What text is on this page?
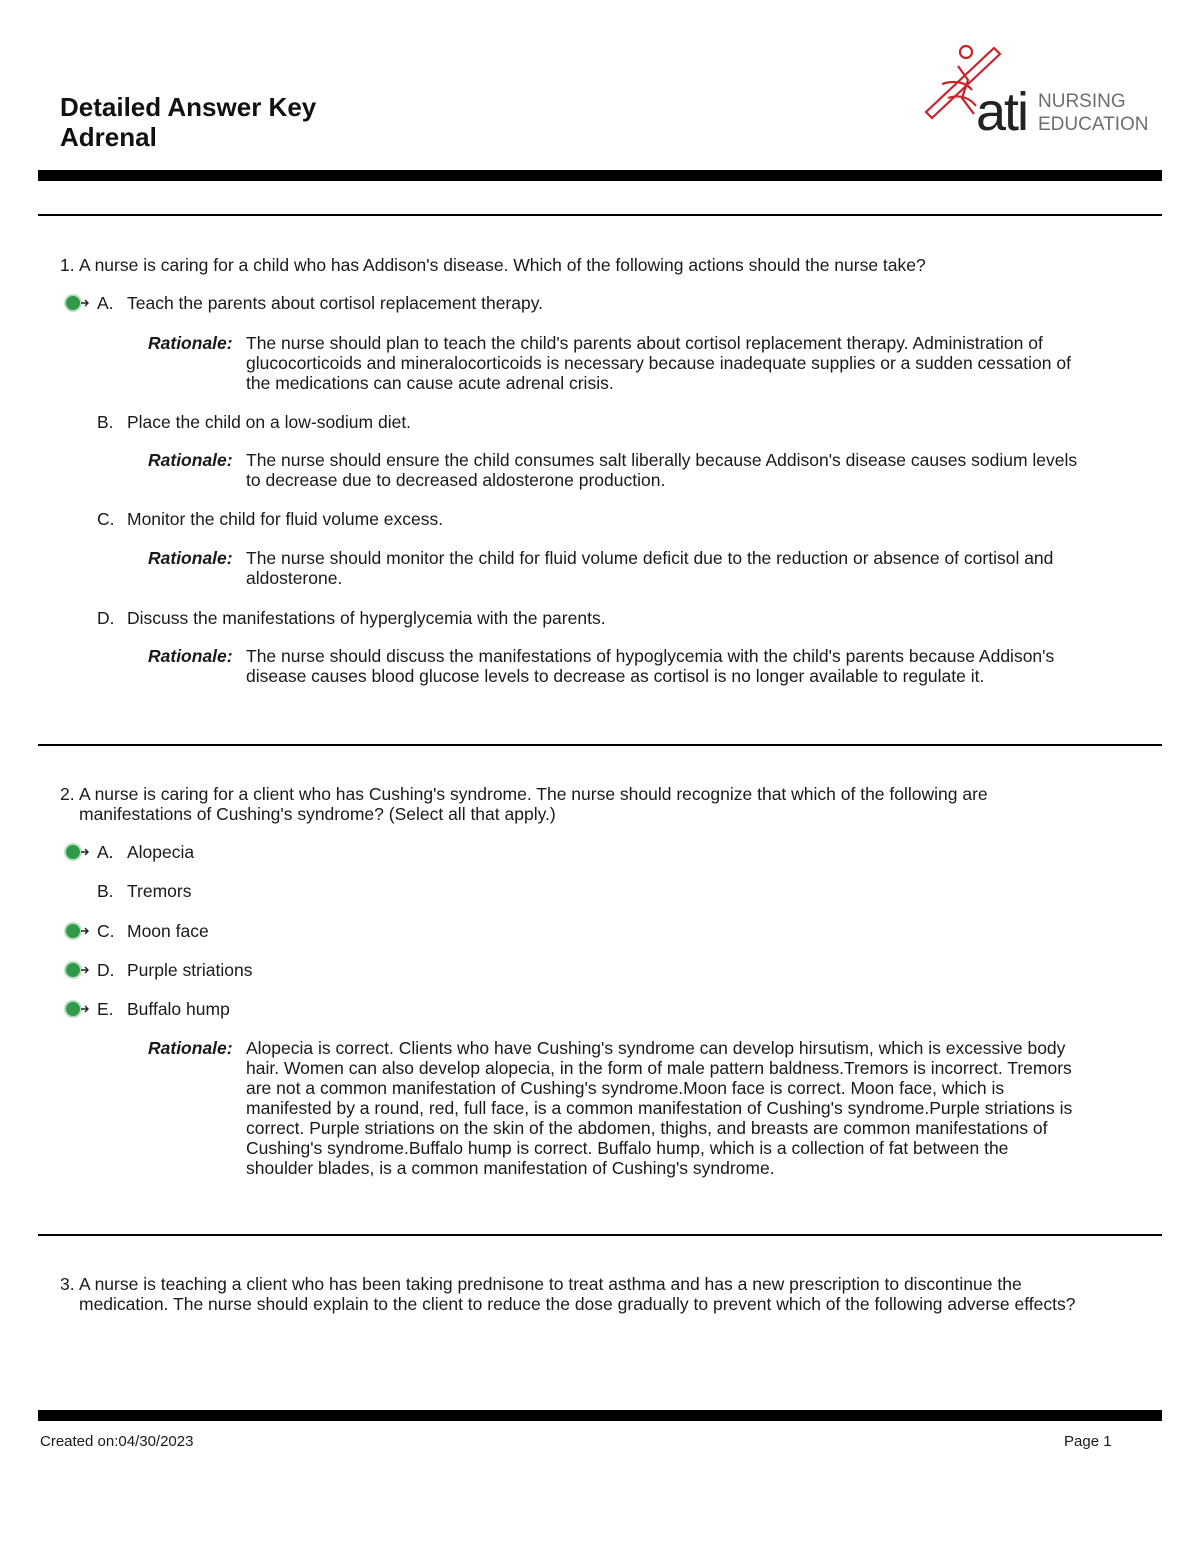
Detailed Answer Key
Adrenal	ati NURSING
EDUCATION
1. A nurse is caring for a child who has Addison's disease. Which of the following actions should the nurse take?
A. Teach the parents about cortisol replacement therapy.
Rationale: The nurse should plan to teach the child's parents about cortisol replacement therapy. Administration of glucocorticoids and mineralocorticoids is necessary because inadequate supplies or a sudden cessation of the medications can cause acute adrenal crisis.
B. Place the child on a low-sodium diet.
Rationale: The nurse should ensure the child consumes salt liberally because Addison's disease causes sodium levels to decrease due to decreased aldosterone production.
C. Monitor the child for fluid volume excess.
Rationale: The nurse should monitor the child for fluid volume deficit due to the reduction or absence of cortisol and aldosterone.
D. Discuss the manifestations of hyperglycemia with the parents.
Rationale: The nurse should discuss the manifestations of hypoglycemia with the child's parents because Addison's disease causes blood glucose levels to decrease as cortisol is no longer available to regulate it.
2. A nurse is caring for a client who has Cushing's syndrome. The nurse should recognize that which of the following are manifestations of Cushing's syndrome? (Select all that apply.)
A. Alopecia
B. Tremors
C. Moon face
D. Purple striations
E. Buffalo hump
Rationale: Alopecia is correct. Clients who have Cushing's syndrome can develop hirsutism, which is excessive body hair. Women can also develop alopecia, in the form of male pattern baldness.Tremors is incorrect. Tremors are not a common manifestation of Cushing's syndrome.Moon face is correct. Moon face, which is manifested by a round, red, full face, is a common manifestation of Cushing's syndrome.Purple striations is correct. Purple striations on the skin of the abdomen, thighs, and breasts are common manifestations of Cushing's syndrome.Buffalo hump is correct. Buffalo hump, which is a collection of fat between the shoulder blades, is a common manifestation of Cushing's syndrome.
3. A nurse is teaching a client who has been taking prednisone to treat asthma and has a new prescription to discontinue the medication. The nurse should explain to the client to reduce the dose gradually to prevent which of the following adverse effects?
Created on:04/30/2023	Page 1
